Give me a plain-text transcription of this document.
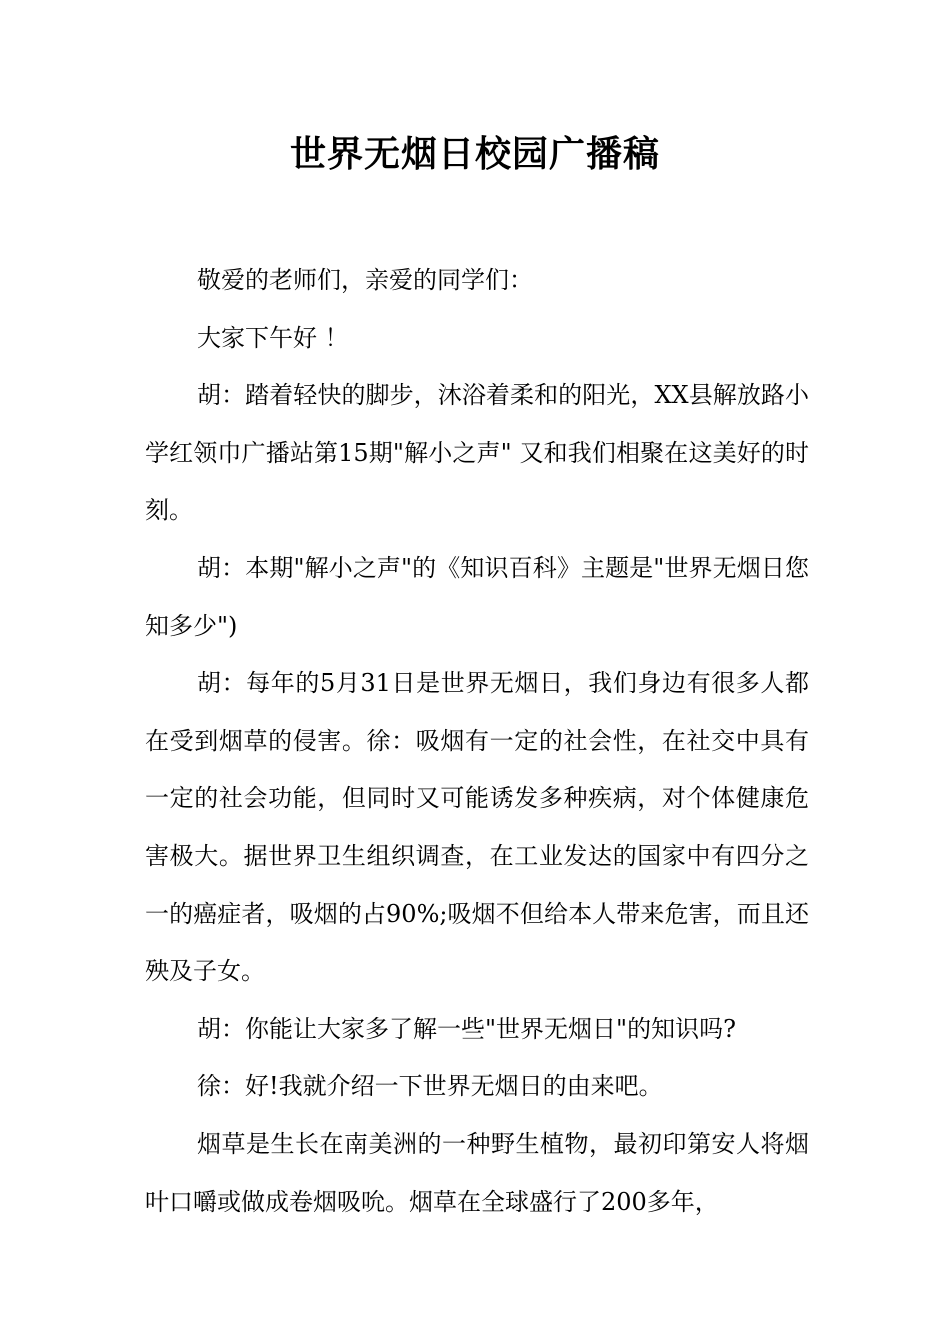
世界无烟日校园广播稿

敬爱的老师们，亲爱的同学们：

大家下午好 ！

胡：踏着轻快的脚步，沐浴着柔和的阳光，XX县解放路小学红领巾广播站第15期"解小之声" 又和我们相聚在这美好的时刻。

胡：本期"解小之声"的《知识百科》主题是"世界无烟日您知多少")

胡：每年的5月31日是世界无烟日，我们身边有很多人都在受到烟草的侵害。徐：吸烟有一定的社会性，在社交中具有一定的社会功能，但同时又可能诱发多种疾病，对个体健康危害极大。据世界卫生组织调查，在工业发达的国家中有四分之一的癌症者，吸烟的占90%;吸烟不但给本人带来危害，而且还殃及子女。

胡：你能让大家多了解一些"世界无烟日"的知识吗?

徐：好!我就介绍一下世界无烟日的由来吧。

烟草是生长在南美洲的一种野生植物，最初印第安人将烟叶口嚼或做成卷烟吸吮。烟草在全球盛行了200多年，
